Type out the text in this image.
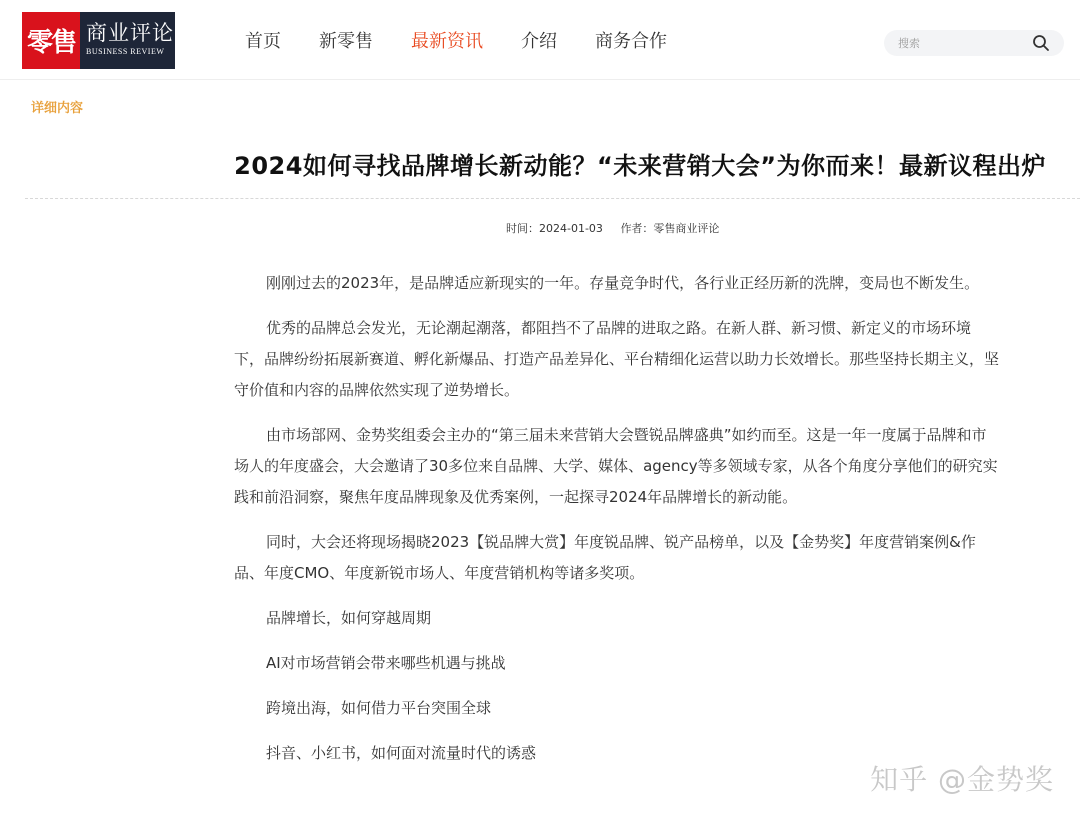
零售 商业评论
BUSINESS REVIEW	首页 新零售 最新资讯 介绍 商务合作
搜索
详细内容
2024如何寻找品牌增长新动能？“未来营销大会”为你而来！最新议程出炉
时间：2024-01-03 作者：零售商业评论

刚刚过去的2023年，是品牌适应新现实的一年。存量竞争时代，各行业正经历新的洗牌，变局也不断发生。

优秀的品牌总会发光，无论潮起潮落，都阻挡不了品牌的进取之路。在新人群、新习惯、新定义的市场环境下，品牌纷纷拓展新赛道、孵化新爆品、打造产品差异化、平台精细化运营以助力长效增长。那些坚持长期主义，坚守价值和内容的品牌依然实现了逆势增长。

由市场部网、金势奖组委会主办的“第三届未来营销大会暨锐品牌盛典”如约而至。这是一年一度属于品牌和市场人的年度盛会，大会邀请了30多位来自品牌、大学、媒体、agency等多领域专家，从各个角度分享他们的研究实践和前沿洞察，聚焦年度品牌现象及优秀案例，一起探寻2024年品牌增长的新动能。

同时，大会还将现场揭晓2023【锐品牌大赏】年度锐品牌、锐产品榜单，以及【金势奖】年度营销案例&作品、年度CMO、年度新锐市场人、年度营销机构等诸多奖项。

品牌增长，如何穿越周期

AI对市场营销会带来哪些机遇与挑战

跨境出海，如何借力平台突围全球

抖音、小红书，如何面对流量时代的诱惑

知乎 @金势奖
